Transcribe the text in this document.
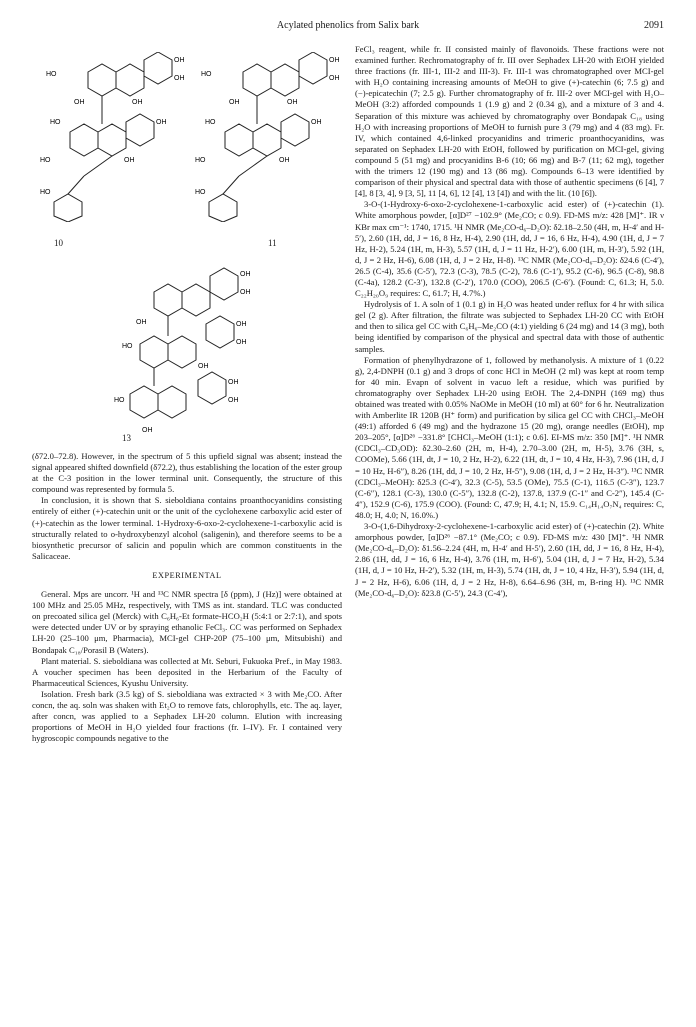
Acylated phenolics from Salix bark	2091
HO
OH
OH
OH	OH
HO	OH
HO
HO
OH
10
HO
OH
OH
OH	OH
HO	OH
HO
HO
OH
11
OH
OH
OH
OH
OH
HO
OH
HO
OH
OH
OH
13

(δ72.0–72.8). However, in the spectrum of 5 this upfield signal was absent; instead the signal appeared shifted downfield (δ72.2), thus establishing the location of the ester group at the C-3 position in the lower terminal unit. Consequently, the structure of this compound was represented by formula 5.

In conclusion, it is shown that S. sieboldiana contains proanthocyanidins consisting entirely of either (+)-catechin unit or the unit of the cyclohexene carboxylic acid ester of (+)-catechin as the lower terminal. 1-Hydroxy-6-oxo-2-cyclohexene-1-carboxylic acid is structurally related to o-hydroxybenzyl alcohol (saligenin), and therefore seems to be a biosynthetic precursor of salicin and populin which are common constituents in the Salicaceae.

EXPERIMENTAL

General. Mps are uncorr. ¹H and ¹³C NMR spectra [δ (ppm), J (Hz)] were obtained at 100 MHz and 25.05 MHz, respectively, with TMS as int. standard. TLC was conducted on precoated silica gel (Merck) with C₆H₆-Et formate-HCO₂H (5:4:1 or 2:7:1), and spots were detected under UV or by spraying ethanolic FeCl₃. CC was performed on Sephadex LH-20 (25–100 μm, Pharmacia), MCI-gel CHP-20P (75–100 μm, Mitsubishi) and Bondapak C₁₈/Porasil B (Waters).

Plant material. S. sieboldiana was collected at Mt. Seburi, Fukuoka Pref., in May 1983. A voucher specimen has been deposited in the Herbarium of the Faculty of Pharmaceutical Sciences, Kyushu University.

Isolation. Fresh bark (3.5 kg) of S. sieboldiana was extracted × 3 with Me₂CO. After concn, the aq. soln was shaken with Et₂O to remove fats, chlorophylls, etc. The aq. layer, after concn, was applied to a Sephadex LH-20 column. Elution with increasing proportions of MeOH in H₂O yielded four fractions (fr. I–IV). Fr. I contained very hygroscopic compounds negative to the

FeCl₃ reagent, while fr. II consisted mainly of flavonoids. These fractions were not examined further. Rechromatography of fr. III over Sephadex LH-20 with EtOH yielded three fractions (fr. III-1, III-2 and III-3). Fr. III-1 was chromatographed over MCI-gel with H₂O containing increasing amounts of MeOH to give (+)-catechin (6; 7.5 g) and (−)-epicatechin (7; 2.5 g). Further chromatography of fr. III-2 over MCI-gel with H₂O–MeOH (3:2) afforded compounds 1 (1.9 g) and 2 (0.34 g), and a mixture of 3 and 4. Separation of this mixture was achieved by chromatography over Bondapak C₁₈ using H₂O with increasing proportions of MeOH to furnish pure 3 (79 mg) and 4 (83 mg). Fr. IV, which contained 4,6-linked procyanidins and trimeric proanthocyanidins, was separated on Sephadex LH-20 with EtOH, followed by purification on MCI-gel, giving compound 5 (51 mg) and procyanidins B-6 (10; 66 mg) and B-7 (11; 62 mg), together with the trimers 12 (190 mg) and 13 (86 mg). Compounds 6–13 were identified by comparison of their physical and spectral data with those of authentic specimens (6 [4], 7 [4], 8 [3, 4], 9 [3, 5], 11 [4, 6], 12 [4], 13 [4]) and with the lit. (10 [6]).

3-O-(1-Hydroxy-6-oxo-2-cyclohexene-1-carboxylic acid ester) of (+)-catechin (1). White amorphous powder, [α]D²⁷ −102.9° (Me₂CO; c 0.9). FD-MS m/z: 428 [M]⁺. IR ν KBr max cm⁻¹: 1740, 1715. ¹H NMR (Me₂CO-d₆–D₂O): δ2.18–2.50 (4H, m, H-4′ and H-5′), 2.60 (1H, dd, J = 16, 8 Hz, H-4), 2.90 (1H, dd, J = 16, 6 Hz, H-4), 4.90 (1H, d, J = 7 Hz, H-2), 5.24 (1H, m, H-3), 5.57 (1H, d, J = 11 Hz, H-2′), 6.00 (1H, m, H-3′), 5.92 (1H, d, J = 2 Hz, H-6), 6.08 (1H, d, J = 2 Hz, H-8). ¹³C NMR (Me₂CO-d₆–D₂O): δ24.6 (C-4′), 26.5 (C-4), 35.6 (C-5′), 72.3 (C-3), 78.5 (C-2), 78.6 (C-1′), 95.2 (C-6), 96.5 (C-8), 98.8 (C-4a), 128.2 (C-3′), 132.8 (C-2′), 170.0 (COO), 206.5 (C-6′). (Found: C, 61.3; H, 5.0. C₂₂H₂₀O₉ requires: C, 61.7; H, 4.7%.)

Hydrolysis of 1. A soln of 1 (0.1 g) in H₂O was heated under reflux for 4 hr with silica gel (2 g). After filtration, the filtrate was subjected to Sephadex LH-20 CC with EtOH and then to silica gel CC with C₆H₆–Me₂CO (4:1) yielding 6 (24 mg) and 14 (3 mg), both being identified by comparison of the physical and spectral data with those of authentic samples.

Formation of phenylhydrazone of 1, followed by methanolysis. A mixture of 1 (0.22 g), 2,4-DNPH (0.1 g) and 3 drops of conc HCl in MeOH (2 ml) was kept at room temp for 40 min. Evapn of solvent in vacuo left a residue, which was purified by chromatography over Sephadex LH-20 using EtOH. The 2,4-DNPH (169 mg) thus obtained was treated with 0.05% NaOMe in MeOH (10 ml) at 60° for 6 hr. Neutralization with Amberlite IR 120B (H⁺ form) and purification by silica gel CC with CHCl₃–MeOH (49:1) afforded 6 (49 mg) and the hydrazone 15 (20 mg), orange needles (EtOH), mp 203–205°, [α]D²⁶ −331.8° [CHCl₃–MeOH (1:1); c 0.6]. EI-MS m/z: 350 [M]⁺. ¹H NMR (CDCl₃–CD₃OD): δ2.30–2.60 (2H, m, H-4), 2.70–3.00 (2H, m, H-5), 3.76 (3H, s, COOMe), 5.66 (1H, dt, J = 10, 2 Hz, H-2), 6.22 (1H, dt, J = 10, 4 Hz, H-3), 7.96 (1H, d, J = 10 Hz, H-6″), 8.26 (1H, dd, J = 10, 2 Hz, H-5″), 9.08 (1H, d, J = 2 Hz, H-3″). ¹³C NMR (CDCl₃–MeOH): δ25.3 (C-4′), 32.3 (C-5), 53.5 (OMe), 75.5 (C-1), 116.5 (C-3″), 123.7 (C-6″), 128.1 (C-3), 130.0 (C-5″), 132.8 (C-2), 137.8, 137.9 (C-1″ and C-2″), 145.4 (C-4″), 152.9 (C-6), 175.9 (COO). (Found: C, 47.9; H, 4.1; N, 15.9. C₁₄H₁₄O₇N₄ requires: C, 48.0; H, 4.0; N, 16.0%.)

3-O-(1,6-Dihydroxy-2-cyclohexene-1-carboxylic acid ester) of (+)-catechin (2). White amorphous powder, [α]D²⁶ −87.1° (Me₂CO; c 0.9). FD-MS m/z: 430 [M]⁺. ¹H NMR (Me₂CO-d₆–D₂O): δ1.56–2.24 (4H, m, H-4′ and H-5′), 2.60 (1H, dd, J = 16, 8 Hz, H-4), 2.86 (1H, dd, J = 16, 6 Hz, H-4), 3.76 (1H, m, H-6′), 5.04 (1H, d, J = 7 Hz, H-2), 5.34 (1H, d, J = 10 Hz, H-2′), 5.32 (1H, m, H-3), 5.74 (1H, dt, J = 10, 4 Hz, H-3′), 5.94 (1H, d, J = 2 Hz, H-6), 6.06 (1H, d, J = 2 Hz, H-8), 6.64–6.96 (3H, m, B-ring H). ¹³C NMR (Me₂CO-d₆–D₂O): δ23.8 (C-5′), 24.3 (C-4′),
